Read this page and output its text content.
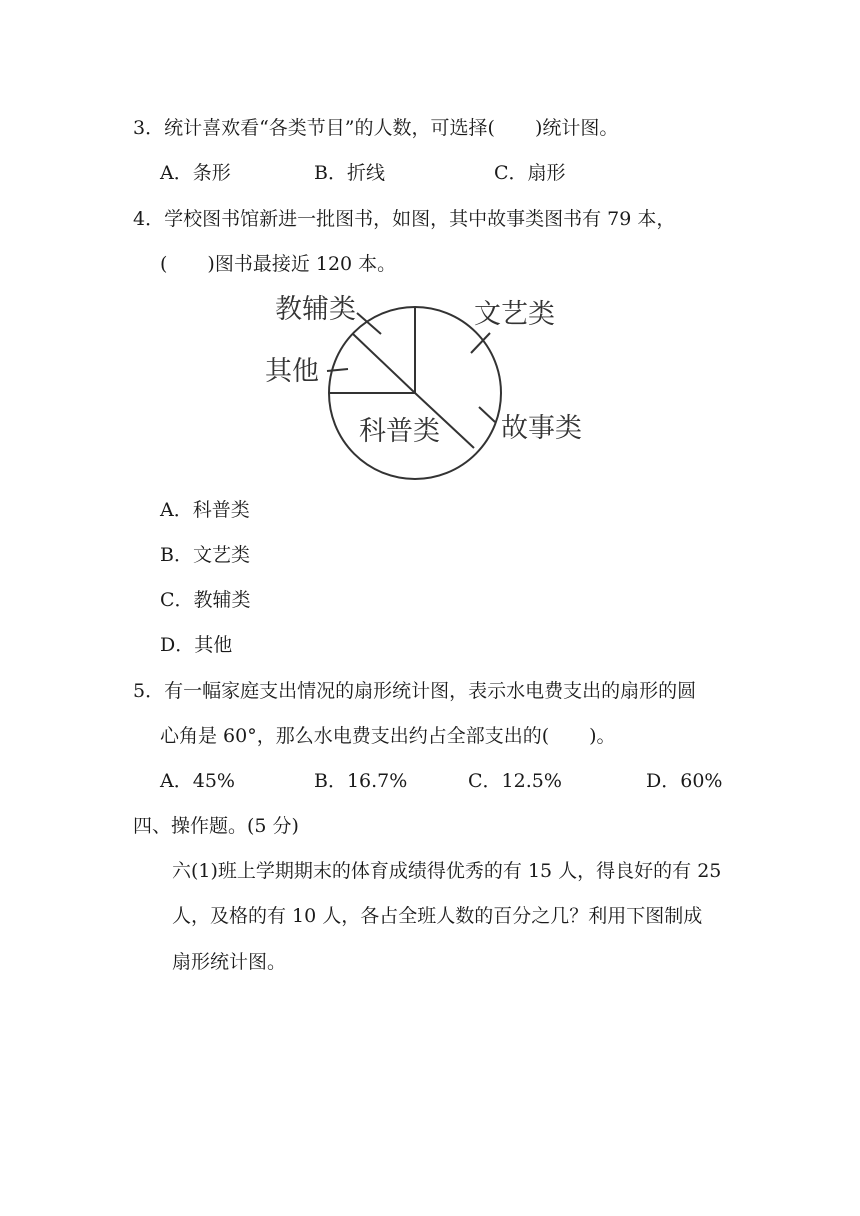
3．统计喜欢看“各类节目”的人数，可选择( )统计图。
A．条形	B．折线	C．扇形
4．学校图书馆新进一批图书，如图，其中故事类图书有 79 本，
( )图书最接近 120 本。
教辅类	文艺类
其他
科普类 故事类
A．科普类
B．文艺类
C．教辅类
D．其他
5．有一幅家庭支出情况的扇形统计图，表示水电费支出的扇形的圆
心角是 60°，那么水电费支出约占全部支出的( )。
A．45%	B．16.7%	C．12.5%	D．60%
四、操作题。(5 分)
六(1)班上学期期末的体育成绩得优秀的有 15 人，得良好的有 25
人，及格的有 10 人，各占全班人数的百分之几？利用下图制成
扇形统计图。
